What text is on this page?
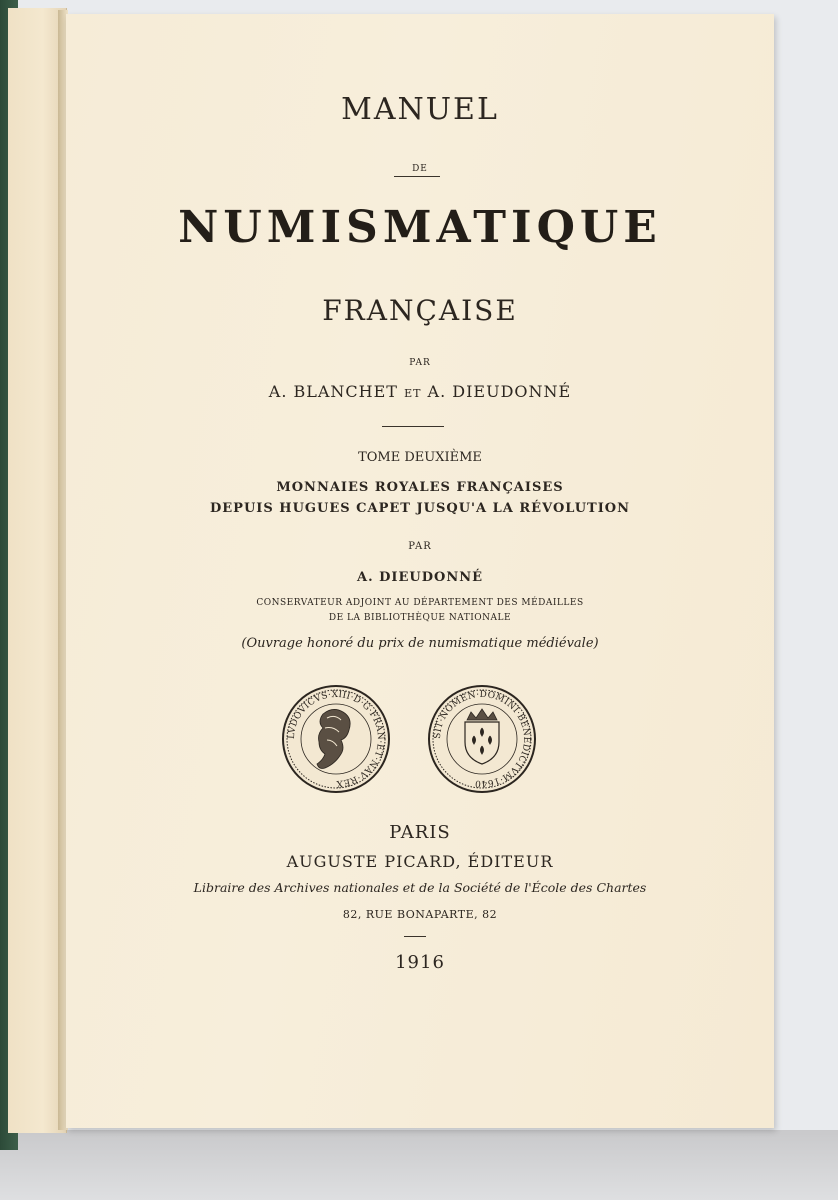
MANUEL
DE
NUMISMATIQUE
FRANÇAISE
PAR
A. BLANCHET ET A. DIEUDONNÉ
TOME DEUXIÈME
MONNAIES ROYALES FRANÇAISES
DEPUIS HUGUES CAPET JUSQU'A LA RÉVOLUTION
PAR
A. DIEUDONNÉ
CONSERVATEUR ADJOINT AU DÉPARTEMENT DES MÉDAILLES
DE LA BIBLIOTHÈQUE NATIONALE
(Ouvrage honoré du prix de numismatique médiévale)
LVDOVICVS·XIII·D·G·FRAN·ET·NAV·REX
SIT·NOMEN·DOMINI·BENEDICTVM·1640
PARIS
AUGUSTE PICARD, ÉDITEUR
Libraire des Archives nationales et de la Société de l'École des Chartes
82, RUE BONAPARTE, 82
1916
